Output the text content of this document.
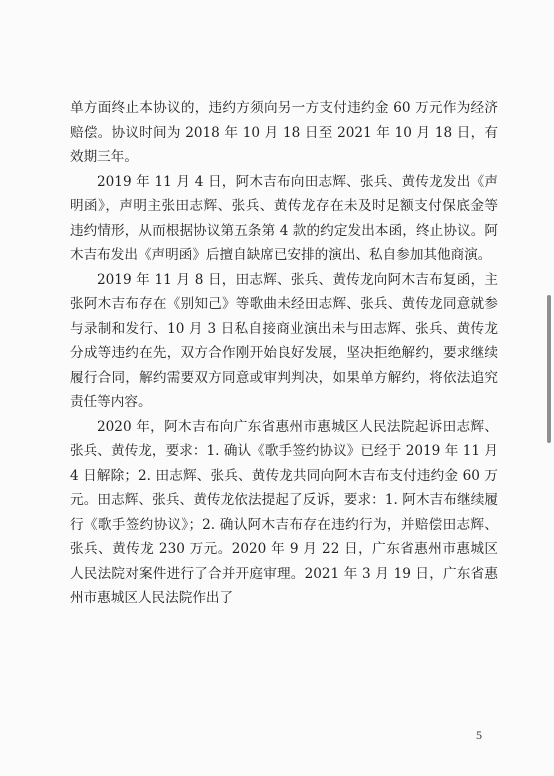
单方面终止本协议的，违约方须向另一方支付违约金 60 万元作为经济赔偿。协议时间为 2018 年 10 月 18 日至 2021 年 10 月 18 日，有效期三年。

2019 年 11 月 4 日，阿木吉布向田志辉、张兵、黄传龙发出《声明函》，声明主张田志辉、张兵、黄传龙存在未及时足额支付保底金等违约情形，从而根据协议第五条第 4 款的约定发出本函，终止协议。阿木吉布发出《声明函》后擅自缺席已安排的演出、私自参加其他商演。

2019 年 11 月 8 日，田志辉、张兵、黄传龙向阿木吉布复函，主张阿木吉布存在《别知己》等歌曲未经田志辉、张兵、黄传龙同意就参与录制和发行、10 月 3 日私自接商业演出未与田志辉、张兵、黄传龙分成等违约在先，双方合作刚开始良好发展，坚决拒绝解约，要求继续履行合同，解约需要双方同意或审判判决，如果单方解约，将依法追究责任等内容。

2020 年，阿木吉布向广东省惠州市惠城区人民法院起诉田志辉、张兵、黄传龙，要求：1. 确认《歌手签约协议》已经于 2019 年 11 月 4 日解除；2. 田志辉、张兵、黄传龙共同向阿木吉布支付违约金 60 万元。田志辉、张兵、黄传龙依法提起了反诉，要求：1. 阿木吉布继续履行《歌手签约协议》；2. 确认阿木吉布存在违约行为，并赔偿田志辉、张兵、黄传龙 230 万元。2020 年 9 月 22 日，广东省惠州市惠城区人民法院对案件进行了合并开庭审理。2021 年 3 月 19 日，广东省惠州市惠城区人民法院作出了

5
